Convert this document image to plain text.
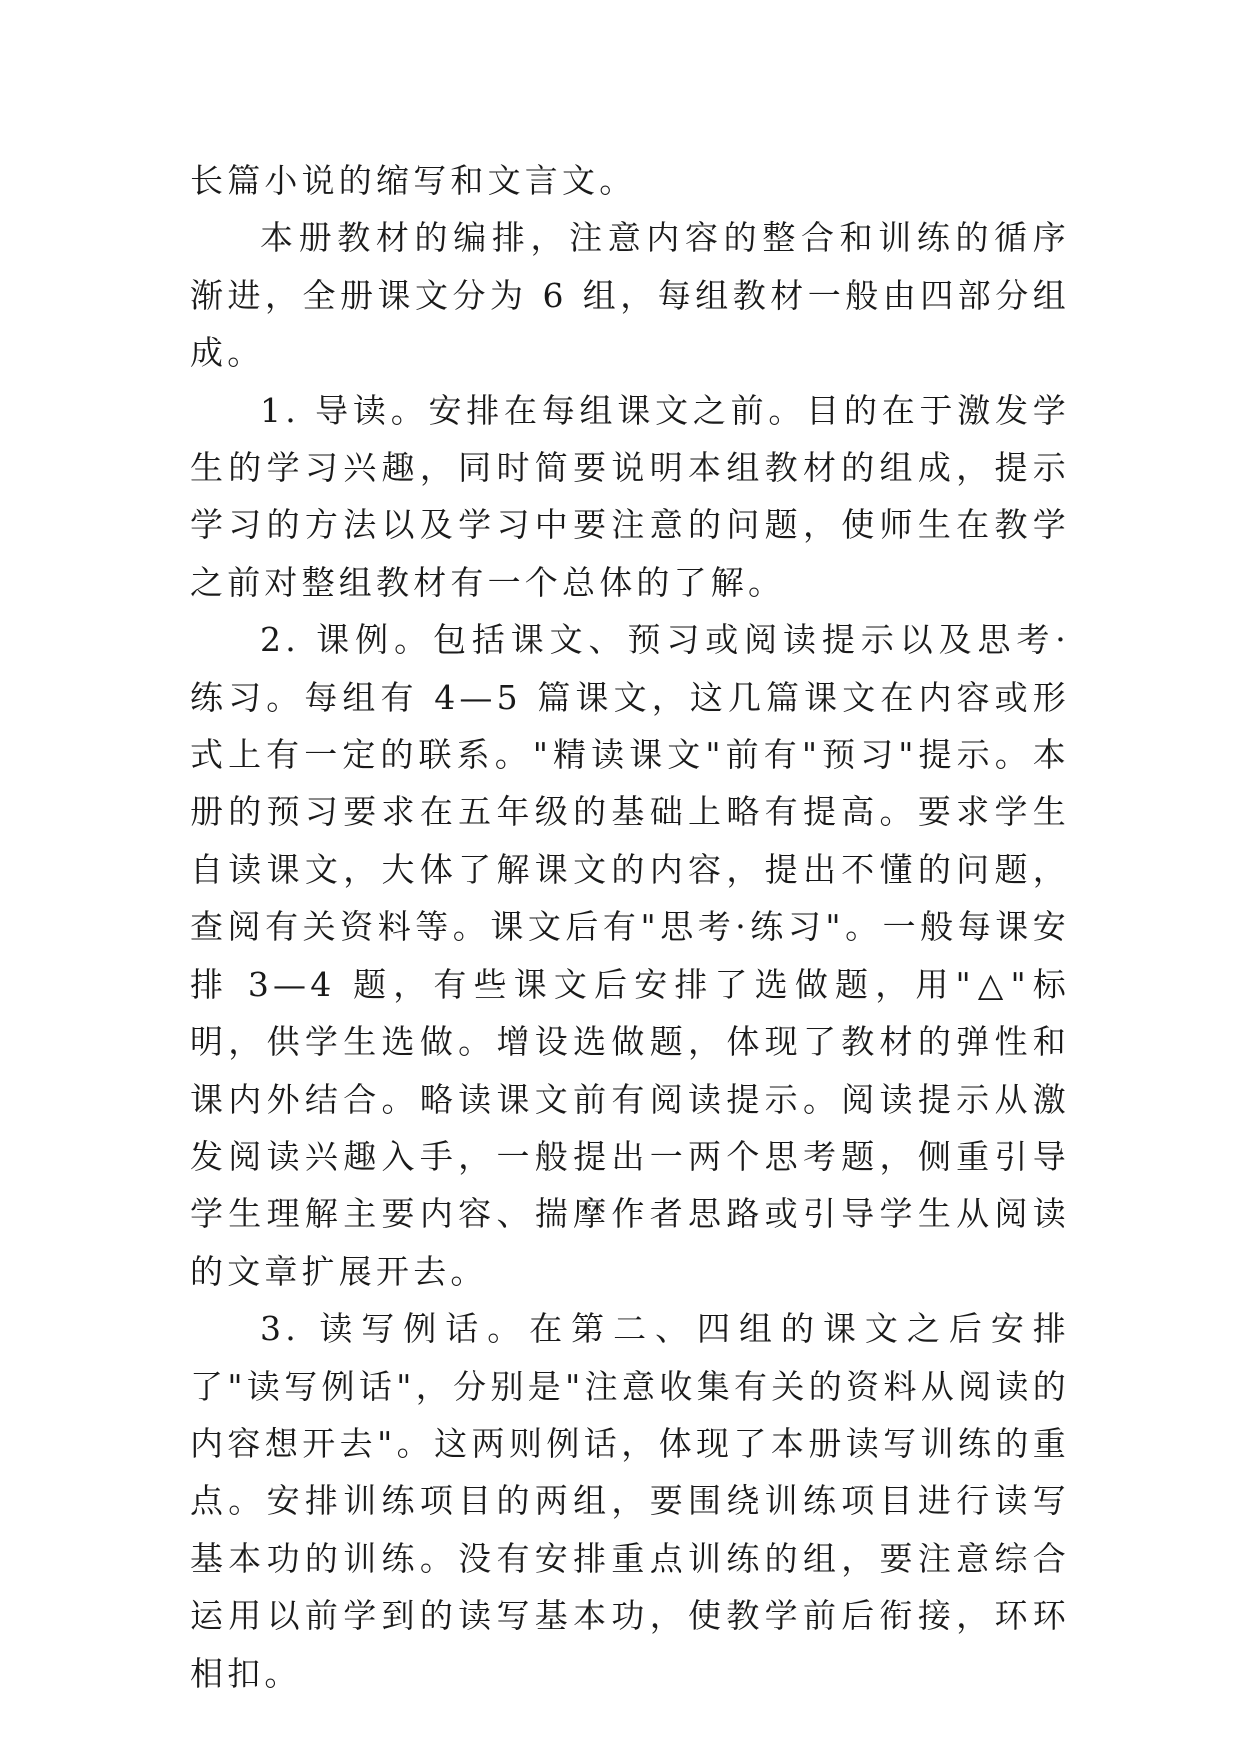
长篇小说的缩写和文言文。

本册教材的编排，注意内容的整合和训练的循序渐进，全册课文分为 6 组，每组教材一般由四部分组成。

1. 导读。安排在每组课文之前。目的在于激发学生的学习兴趣，同时简要说明本组教材的组成，提示学习的方法以及学习中要注意的问题，使师生在教学之前对整组教材有一个总体的了解。

2. 课例。包括课文、预习或阅读提示以及思考·练习。每组有 4—5 篇课文，这几篇课文在内容或形式上有一定的联系。"精读课文"前有"预习"提示。本册的预习要求在五年级的基础上略有提高。要求学生自读课文，大体了解课文的内容，提出不懂的问题，查阅有关资料等。课文后有"思考·练习"。一般每课安排 3—4 题，有些课文后安排了选做题，用"△"标明，供学生选做。增设选做题，体现了教材的弹性和课内外结合。略读课文前有阅读提示。阅读提示从激发阅读兴趣入手，一般提出一两个思考题，侧重引导学生理解主要内容、揣摩作者思路或引导学生从阅读的文章扩展开去。

3. 读写例话。在第二、四组的课文之后安排了"读写例话"，分别是"注意收集有关的资料从阅读的内容想开去"。这两则例话，体现了本册读写训练的重点。安排训练项目的两组，要围绕训练项目进行读写基本功的训练。没有安排重点训练的组，要注意综合运用以前学到的读写基本功，使教学前后衔接，环环相扣。
